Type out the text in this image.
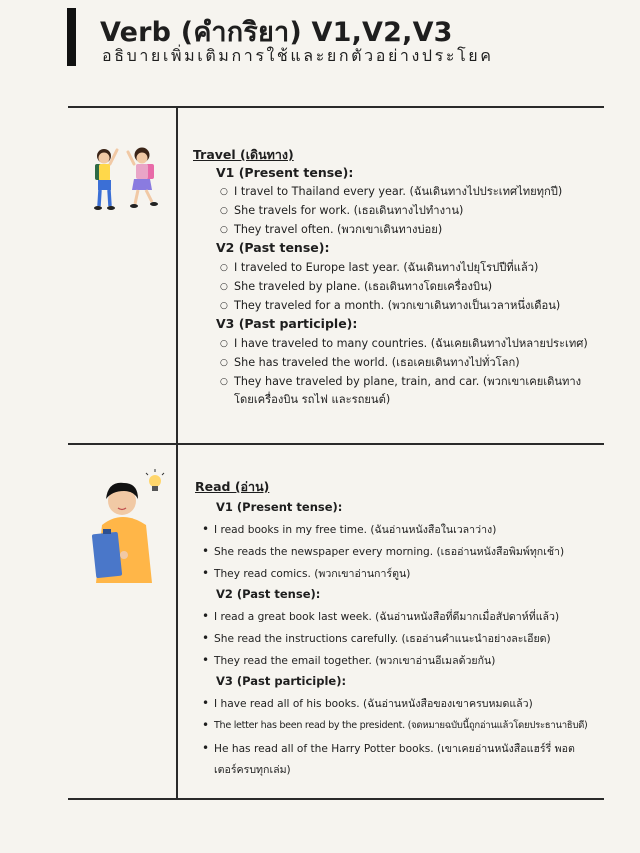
Verb (คำกริยา) V1,V2,V3
อธิบายเพิ่มเติมการใช้และยกตัวอย่างประโยค
Travel (เดินทาง)
V1 (Present tense):
○ I travel to Thailand every year. (ฉันเดินทางไปประเทศไทยทุกปี)
○ She travels for work. (เธอเดินทางไปทำงาน)
○ They travel often. (พวกเขาเดินทางบ่อย)
V2 (Past tense):
○ I traveled to Europe last year. (ฉันเดินทางไปยุโรปปีที่แล้ว)
○ She traveled by plane. (เธอเดินทางโดยเครื่องบิน)
○ They traveled for a month. (พวกเขาเดินทางเป็นเวลาหนึ่งเดือน)
V3 (Past participle):
○ I have traveled to many countries. (ฉันเคยเดินทางไปหลายประเทศ)
○ She has traveled the world. (เธอเคยเดินทางไปทั่วโลก)
○ They have traveled by plane, train, and car. (พวกเขาเคยเดินทางโดยเครื่องบิน รถไฟ และรถยนต์)
Read (อ่าน)
V1 (Present tense):
• I read books in my free time. (ฉันอ่านหนังสือในเวลาว่าง)
• She reads the newspaper every morning. (เธออ่านหนังสือพิมพ์ทุกเช้า)
• They read comics. (พวกเขาอ่านการ์ตูน)
V2 (Past tense):
• I read a great book last week. (ฉันอ่านหนังสือที่ดีมากเมื่อสัปดาห์ที่แล้ว)
• She read the instructions carefully. (เธออ่านคำแนะนำอย่างละเอียด)
• They read the email together. (พวกเขาอ่านอีเมลด้วยกัน)
V3 (Past participle):
• I have read all of his books. (ฉันอ่านหนังสือของเขาครบหมดแล้ว)
• The letter has been read by the president. (จดหมายฉบับนี้ถูกอ่านแล้วโดยประธานาธิบดี)
• He has read all of the Harry Potter books. (เขาเคยอ่านหนังสือแฮร์รี่ พอตเตอร์ครบทุกเล่ม)
